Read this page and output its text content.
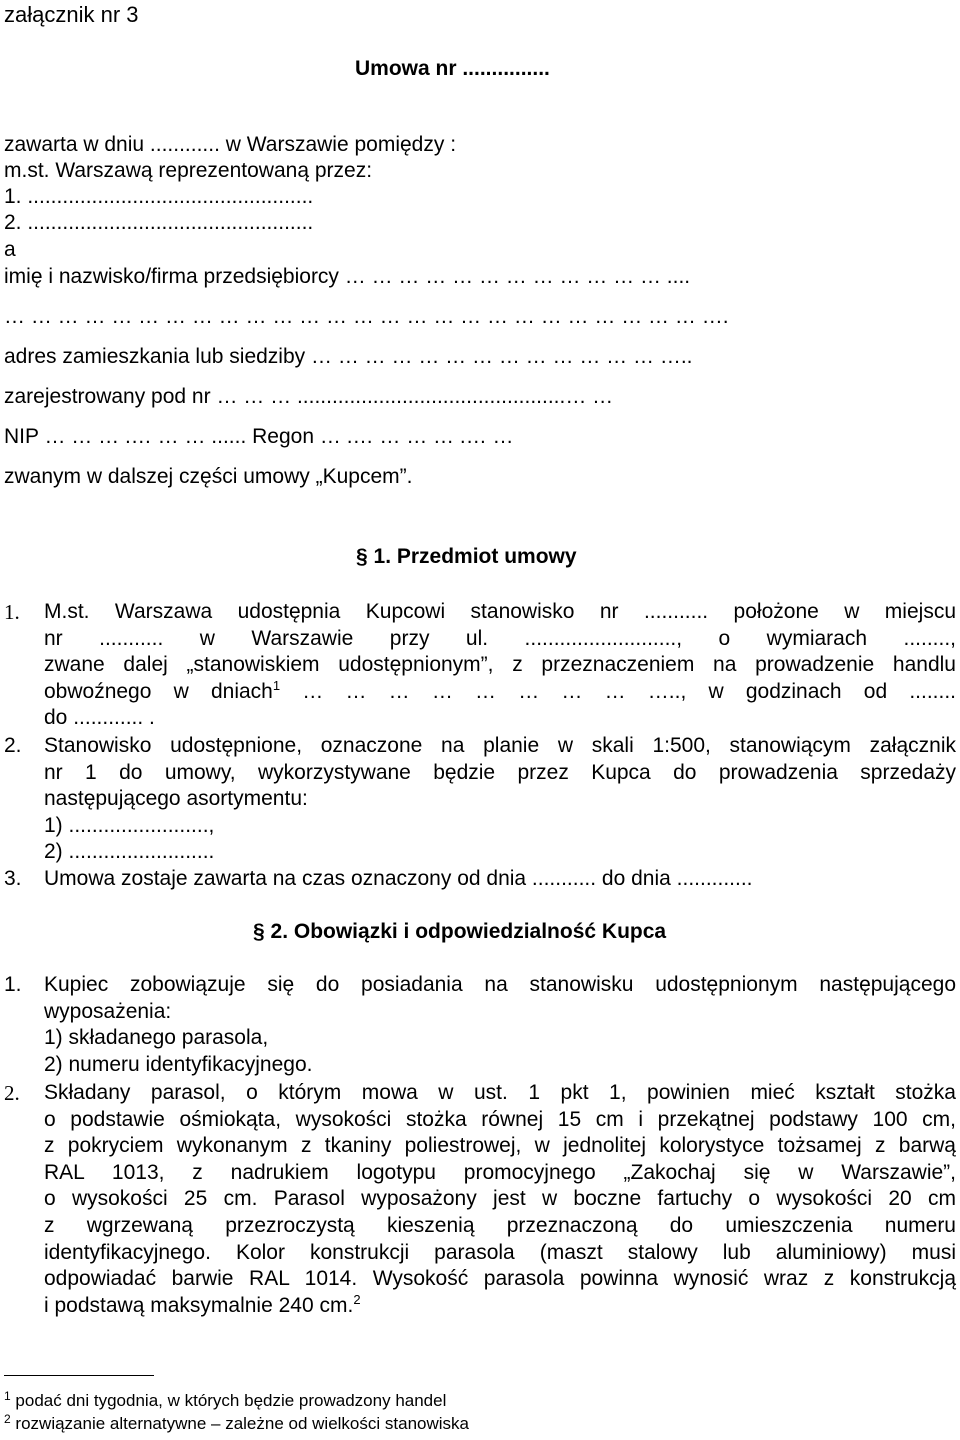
załącznik nr 3
Umowa nr ...............
zawarta w dniu ............ w Warszawie pomiędzy :
m.st. Warszawą reprezentowaną przez:
1. .................................................
2. .................................................
a
imię i nazwisko/firma przedsiębiorcy … … … … … … … … … … … … ....
… … … … … … … … … … … … … … … … … … … … … … … … … … ….
adres zamieszkania lub siedziby … … … … … … … … … … … … … …..
zarejestrowany pod nr … … … ..............................................… …
NIP … … … .… … … ...... Regon … .… … … … .… …
zwanym w dalszej części umowy „Kupcem”.
§ 1. Przedmiot umowy
1. M.st. Warszawa udostępnia Kupcowi stanowisko nr ........... położone w miejscu
nr ........... w Warszawie przy ul. .........................., o wymiarach ........,
zwane dalej „stanowiskiem udostępnionym”, z przeznaczeniem na prowadzenie handlu
obwoźnego w dniach$^1$ … … … … … … … … ….., w godzinach od ........
do ............ .
2. Stanowisko udostępnione, oznaczone na planie w skali 1:500, stanowiącym załącznik
nr 1 do umowy, wykorzystywane będzie przez Kupca do prowadzenia sprzedaży
następującego asortymentu:
1) ........................,
2) .........................
3. Umowa zostaje zawarta na czas oznaczony od dnia ........... do dnia .............
§ 2. Obowiązki i odpowiedzialność Kupca
1. Kupiec zobowiązuje się do posiadania na stanowisku udostępnionym następującego
wyposażenia:
1) składanego parasola,
2) numeru identyfikacyjnego.
2. Składany parasol, o którym mowa w ust. 1 pkt 1, powinien mieć kształt stożka
o podstawie ośmiokąta, wysokości stożka równej 15 cm i przekątnej podstawy 100 cm,
z pokryciem wykonanym z tkaniny poliestrowej, w jednolitej kolorystyce tożsamej z barwą
RAL 1013, z nadrukiem logotypu promocyjnego „Zakochaj się w Warszawie”,
o wysokości 25 cm. Parasol wyposażony jest w boczne fartuchy o wysokości 20 cm
z wgrzewaną przezroczystą kieszenią przeznaczoną do umieszczenia numeru
identyfikacyjnego. Kolor konstrukcji parasola (maszt stalowy lub aluminiowy) musi
odpowiadać barwie RAL 1014. Wysokość parasola powinna wynosić wraz z konstrukcją
i podstawą maksymalnie 240 cm.$^2$
$^1$ podać dni tygodnia, w których będzie prowadzony handel
$^2$ rozwiązanie alternatywne – zależne od wielkości stanowiska
